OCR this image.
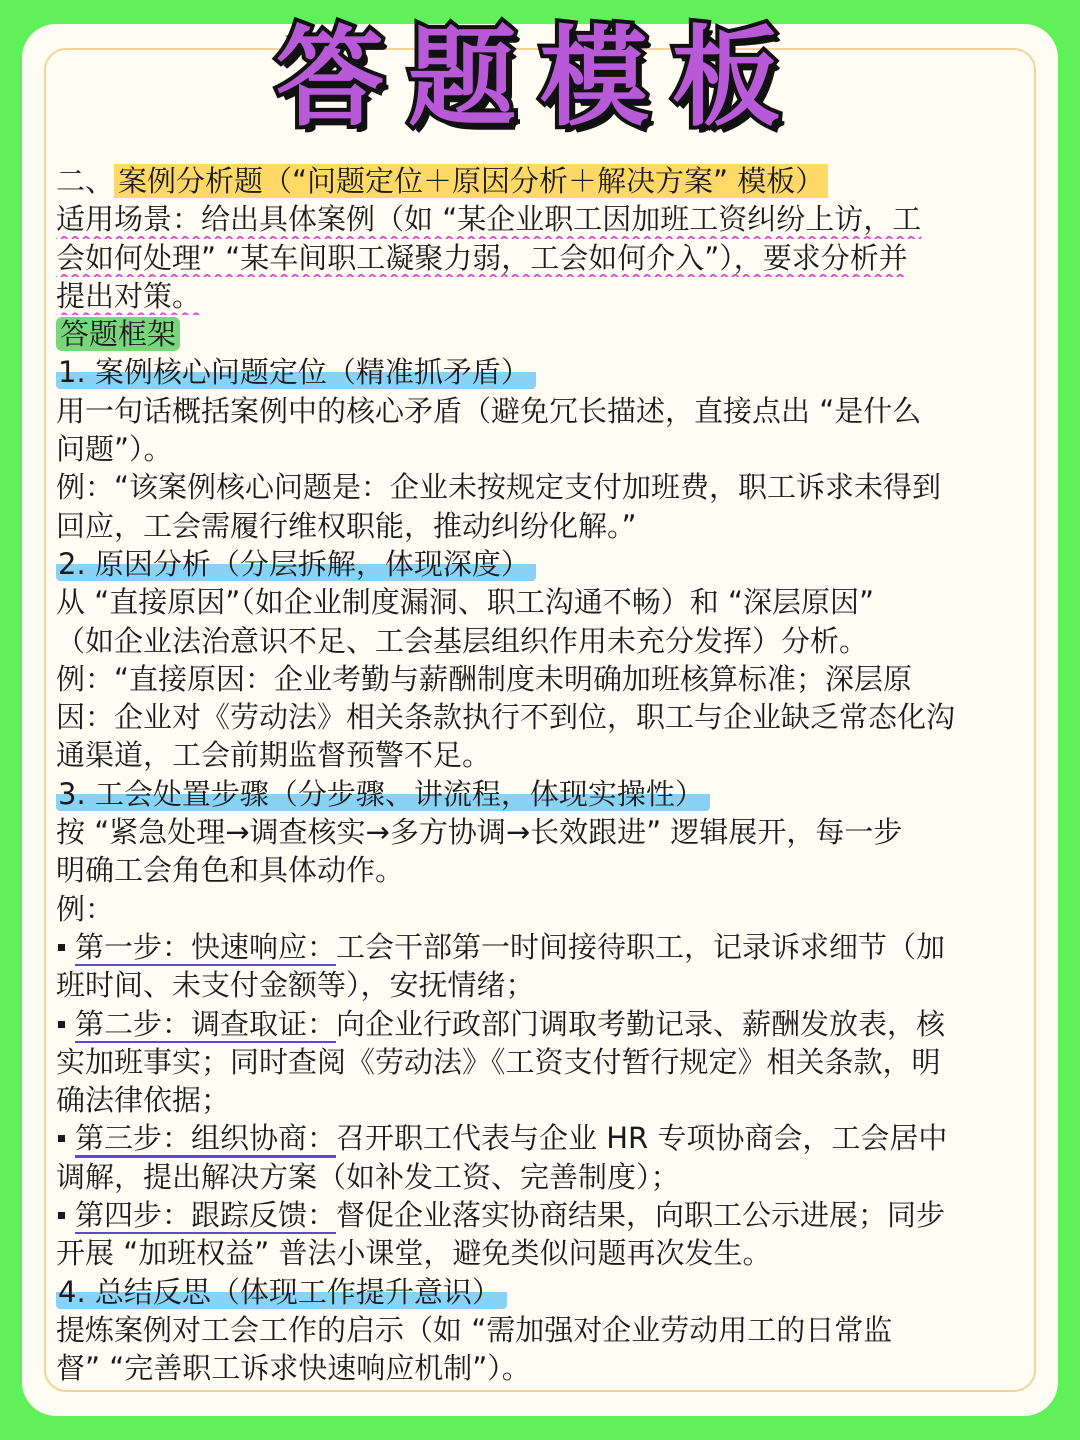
答题模板
二、 案例分析题（“问题定位＋原因分析＋解决方案” 模板）
适用场景：给出具体案例（如 “某企业职工因加班工资纠纷上访，工
会如何处理” “某车间职工凝聚力弱，工会如何介入”），要求分析并
提出对策。
答题框架
1. 案例核心问题定位（精准抓矛盾）
用一句话概括案例中的核心矛盾（避免冗长描述，直接点出 “是什么
问题”）。
例：“该案例核心问题是：企业未按规定支付加班费，职工诉求未得到
回应，工会需履行维权职能，推动纠纷化解。”
2. 原因分析（分层拆解，体现深度）
从 “直接原因”（如企业制度漏洞、职工沟通不畅）和 “深层原因”
（如企业法治意识不足、工会基层组织作用未充分发挥）分析。
例：“直接原因：企业考勤与薪酬制度未明确加班核算标准；深层原
因：企业对《劳动法》相关条款执行不到位，职工与企业缺乏常态化沟
通渠道，工会前期监督预警不足。
3. 工会处置步骤（分步骤、讲流程，体现实操性）
按 “紧急处理→调查核实→多方协调→长效跟进” 逻辑展开，每一步
明确工会角色和具体动作。
例：
第一步：快速响应：工会干部第一时间接待职工，记录诉求细节（加
班时间、未支付金额等），安抚情绪；
第二步：调查取证：向企业行政部门调取考勤记录、薪酬发放表，核
实加班事实；同时查阅《劳动法》《工资支付暂行规定》相关条款，明
确法律依据；
第三步：组织协商：召开职工代表与企业 HR 专项协商会，工会居中
调解，提出解决方案（如补发工资、完善制度）；
第四步：跟踪反馈：督促企业落实协商结果，向职工公示进展；同步
开展 “加班权益” 普法小课堂，避免类似问题再次发生。
4. 总结反思（体现工作提升意识）
提炼案例对工会工作的启示（如 “需加强对企业劳动用工的日常监
督” “完善职工诉求快速响应机制”）。
